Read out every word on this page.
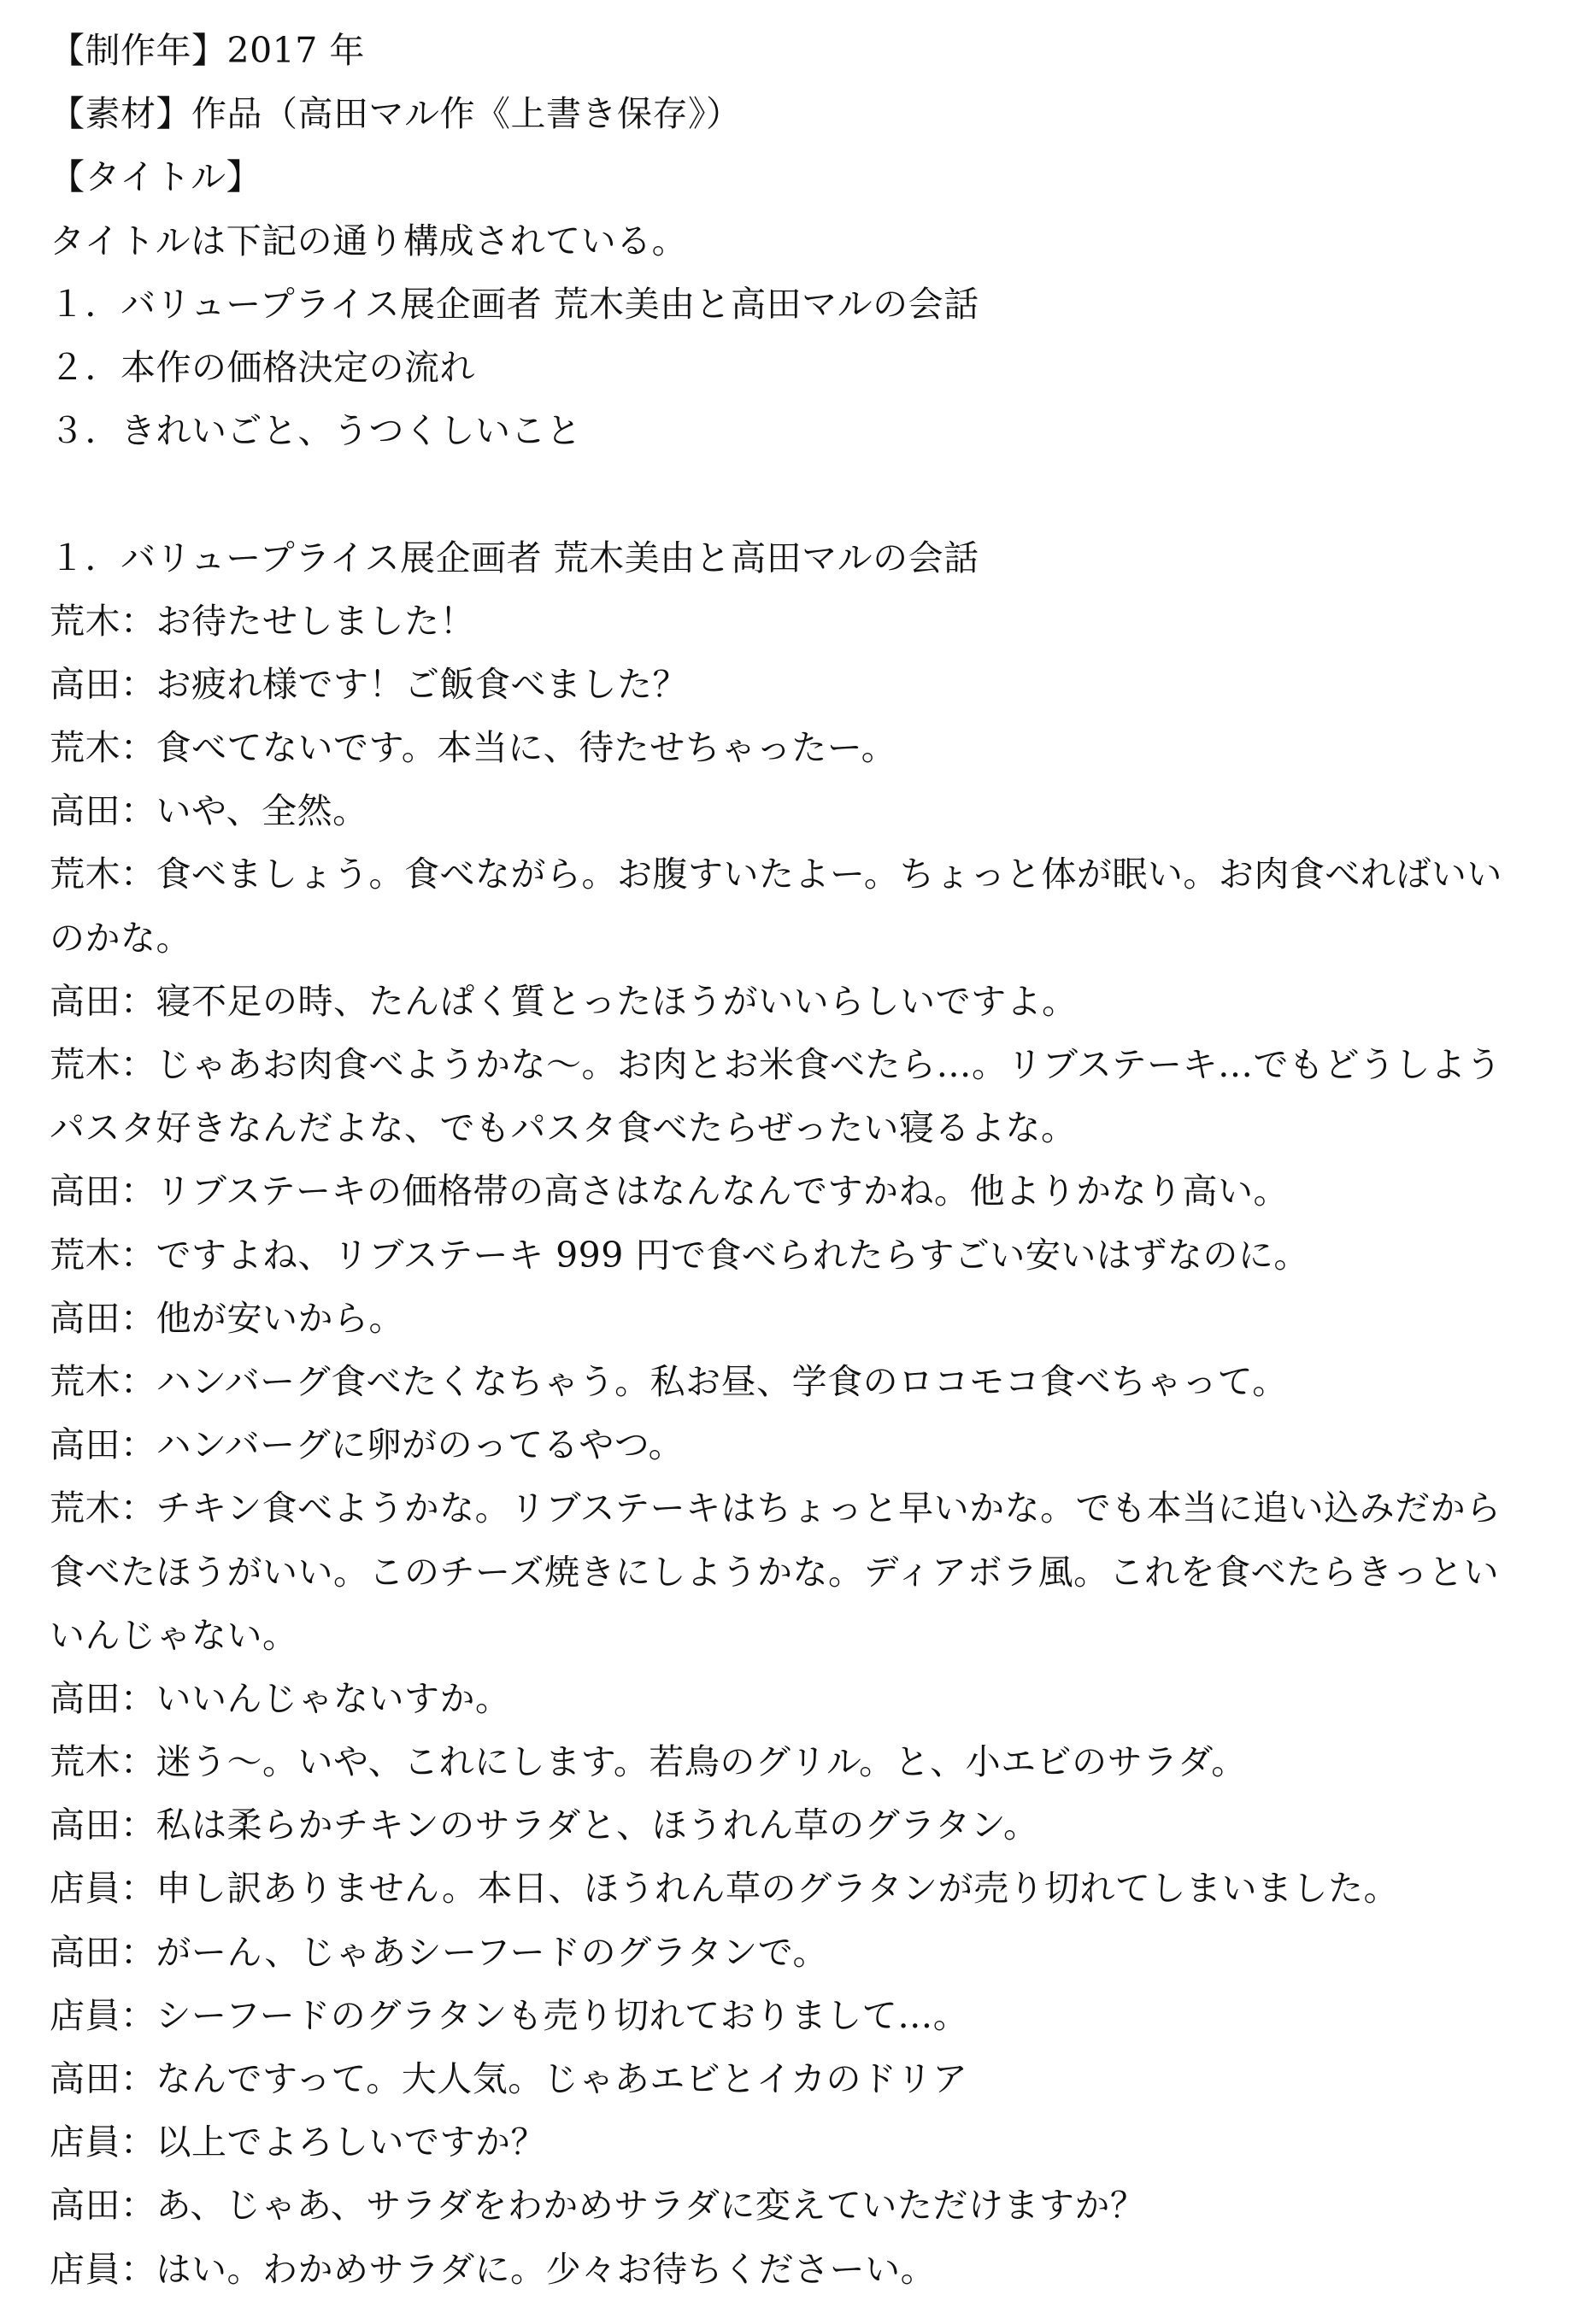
【制作年】2017 年
【素材】作品（高田マル作《上書き保存》）
【タイトル】
タイトルは下記の通り構成されている。
１．バリュープライス展企画者 荒木美由と高田マルの会話
２．本作の価格決定の流れ
３．きれいごと、うつくしいこと
１．バリュープライス展企画者 荒木美由と高田マルの会話
荒木：お待たせしました！
高田：お疲れ様です！ご飯食べました？
荒木：食べてないです。本当に、待たせちゃったー。
高田：いや、全然。
荒木：食べましょう。食べながら。お腹すいたよー。ちょっと体が眠い。お肉食べればいい
のかな。
高田：寝不足の時、たんぱく質とったほうがいいらしいですよ。
荒木：じゃあお肉食べようかな～。お肉とお米食べたら…。リブステーキ…でもどうしよう
パスタ好きなんだよな、でもパスタ食べたらぜったい寝るよな。
高田：リブステーキの価格帯の高さはなんなんですかね。他よりかなり高い。
荒木：ですよね、リブステーキ 999 円で食べられたらすごい安いはずなのに。
高田：他が安いから。
荒木：ハンバーグ食べたくなちゃう。私お昼、学食のロコモコ食べちゃって。
高田：ハンバーグに卵がのってるやつ。
荒木：チキン食べようかな。リブステーキはちょっと早いかな。でも本当に追い込みだから
食べたほうがいい。このチーズ焼きにしようかな。ディアボラ風。これを食べたらきっとい
いんじゃない。
高田：いいんじゃないすか。
荒木：迷う～。いや、これにします。若鳥のグリル。と、小エビのサラダ。
高田：私は柔らかチキンのサラダと、ほうれん草のグラタン。
店員：申し訳ありません。本日、ほうれん草のグラタンが売り切れてしまいました。
高田：がーん、じゃあシーフードのグラタンで。
店員：シーフードのグラタンも売り切れておりまして…。
高田：なんですって。大人気。じゃあエビとイカのドリア
店員：以上でよろしいですか？
高田：あ、じゃあ、サラダをわかめサラダに変えていただけますか？
店員：はい。わかめサラダに。少々お待ちくださーい。
